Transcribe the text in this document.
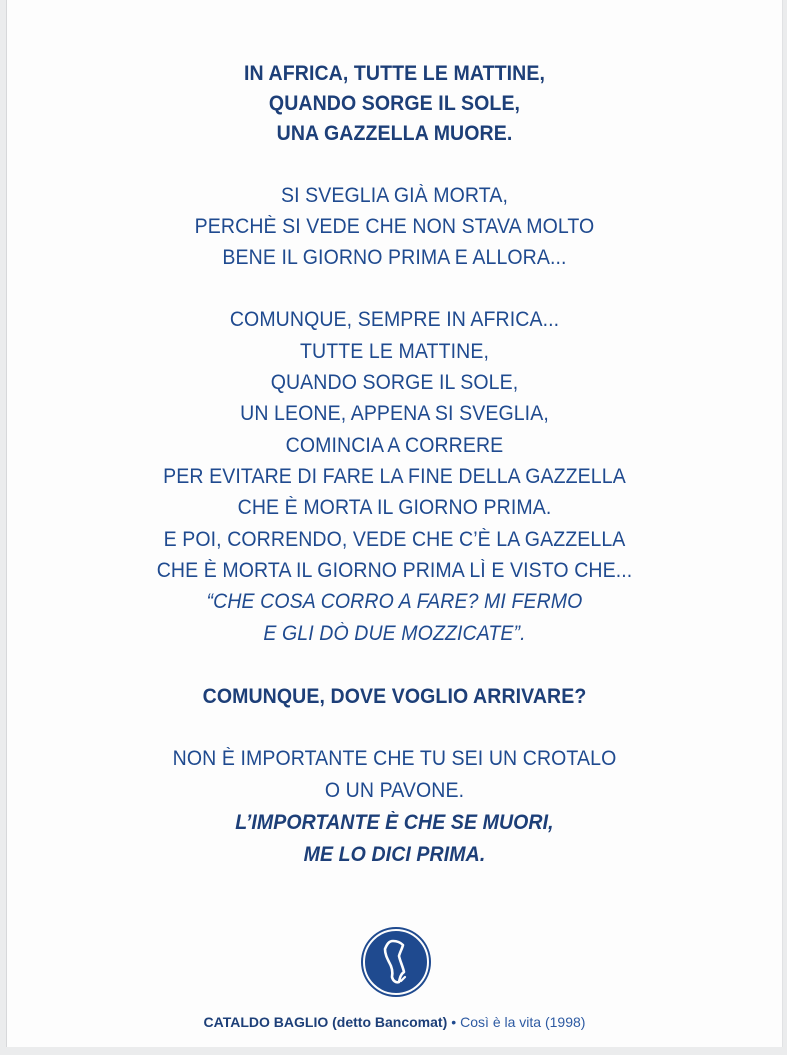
IN AFRICA, TUTTE LE MATTINE,
QUANDO SORGE IL SOLE,
UNA GAZZELLA MUORE.
SI SVEGLIA GIÀ MORTA,
PERCHÈ SI VEDE CHE NON STAVA MOLTO
BENE IL GIORNO PRIMA E ALLORA...
COMUNQUE, SEMPRE IN AFRICA...
TUTTE LE MATTINE,
QUANDO SORGE IL SOLE,
UN LEONE, APPENA SI SVEGLIA,
COMINCIA A CORRERE
PER EVITARE DI FARE LA FINE DELLA GAZZELLA
CHE È MORTA IL GIORNO PRIMA.
E POI, CORRENDO, VEDE CHE C’È LA GAZZELLA
CHE È MORTA IL GIORNO PRIMA LÌ E VISTO CHE...
“CHE COSA CORRO A FARE? MI FERMO
E GLI DÒ DUE MOZZICATE”.
COMUNQUE, DOVE VOGLIO ARRIVARE?
NON È IMPORTANTE CHE TU SEI UN CROTALO
O UN PAVONE.
L’IMPORTANTE È CHE SE MUORI,
ME LO DICI PRIMA.
CATALDO BAGLIO (detto Bancomat) • Così è la vita (1998)
